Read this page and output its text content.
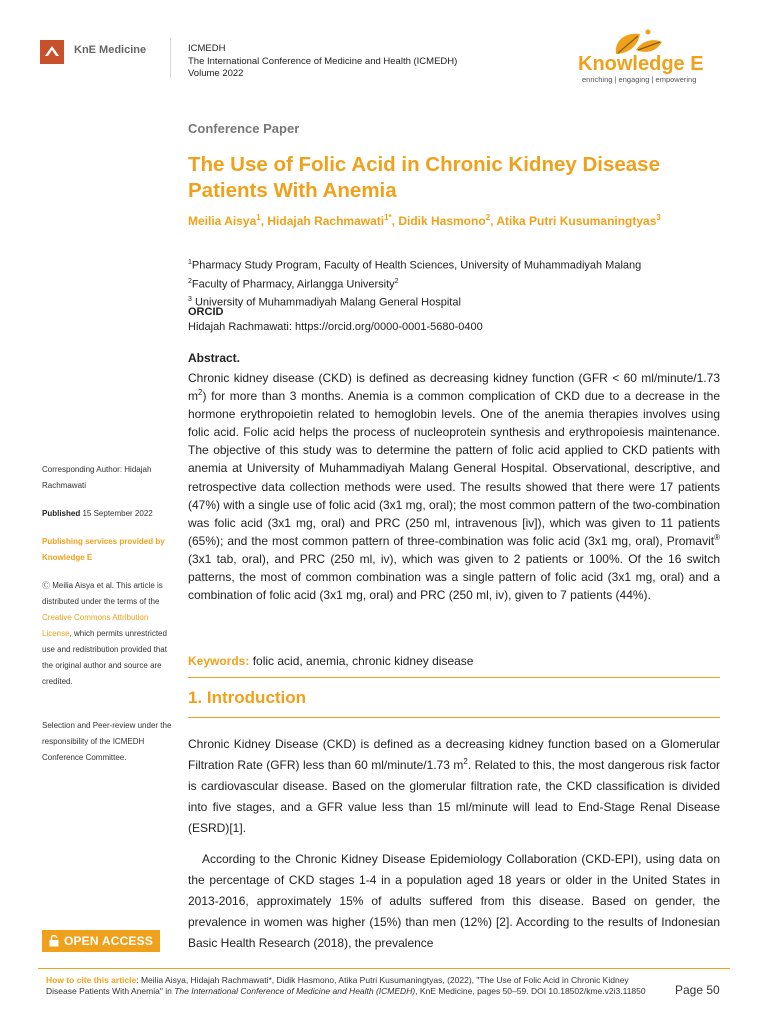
KnE Medicine	ICMEDH
The International Conference of Medicine and Health (ICMEDH)
Volume 2022	Knowledge E
enriching | engaging | empowering
Conference Paper
The Use of Folic Acid in Chronic Kidney Disease Patients With Anemia
Meilia Aisya$^1$, Hidajah Rachmawati$^{1*}$, Didik Hasmono$^2$, Atika Putri Kusumaningtyas$^3$
$^1$Pharmacy Study Program, Faculty of Health Sciences, University of Muhammadiyah Malang
$^2$Faculty of Pharmacy, Airlangga University$^2$
$^3$ University of Muhammadiyah Malang General Hospital
ORCID
Hidajah Rachmawati: https://orcid.org/0000-0001-5680-0400
Abstract.
Chronic kidney disease (CKD) is defined as decreasing kidney function (GFR < 60 ml/minute/1.73 $m^2$) for more than 3 months. Anemia is a common complication of CKD due to a decrease in the hormone erythropoietin related to hemoglobin levels. One of the anemia therapies involves using folic acid. Folic acid helps the process of nucleoprotein synthesis and erythropoiesis maintenance. The objective of this study was to determine the pattern of folic acid applied to CKD patients with anemia at University of Muhammadiyah Malang General Hospital. Observational, descriptive, and retrospective data collection methods were used. The results showed that there were 17 patients (47%) with a single use of folic acid (3x1 mg, oral); the most common pattern of the two-combination was folic acid (3x1 mg, oral) and PRC (250 ml, intravenous [iv]), which was given to 11 patients (65%); and the most common pattern of three-combination was folic acid (3x1 mg, oral), Promavit® (3x1 tab, oral), and PRC (250 ml, iv), which was given to 2 patients or 100%. Of the 16 switch patterns, the most of common combination was a single pattern of folic acid (3x1 mg, oral) and a combination of folic acid (3x1 mg, oral) and PRC (250 ml, iv), given to 7 patients (44%).
Keywords: folic acid, anemia, chronic kidney disease
1. Introduction
Chronic Kidney Disease (CKD) is defined as a decreasing kidney function based on a Glomerular Filtration Rate (GFR) less than 60 ml/minute/1.73 $m^2$. Related to this, the most dangerous risk factor is cardiovascular disease. Based on the glomerular filtration rate, the CKD classification is divided into five stages, and a GFR value less than 15 ml/minute will lead to End-Stage Renal Disease (ESRD)[1].
According to the Chronic Kidney Disease Epidemiology Collaboration (CKD-EPI), using data on the percentage of CKD stages 1-4 in a population aged 18 years or older in the United States in 2013-2016, approximately 15% of adults suffered from this disease. Based on gender, the prevalence in women was higher (15%) than men (12%) [2]. According to the results of Indonesian Basic Health Research (2018), the prevalence
Corresponding Author: Hidajah Rachmawati
Published 15 September 2022
Publishing services provided by Knowledge E
Ⓒ Meilia Aisya et al. This article is distributed under the terms of the Creative Commons Attribution License, which permits unrestricted use and redistribution provided that the original author and source are credited.
Selection and Peer-review under the responsibility of the ICMEDH Conference Committee.
OPEN ACCESS
How to cite this article: Meilia Aisya, Hidajah Rachmawati*, Didik Hasmono, Atika Putri Kusumaningtyas, (2022), "The Use of Folic Acid in Chronic Kidney Disease Patients With Anemia" in The International Conference of Medicine and Health (ICMEDH), KnE Medicine, pages 50–59. DOI 10.18502/kme.v2i3.11850	Page 50
